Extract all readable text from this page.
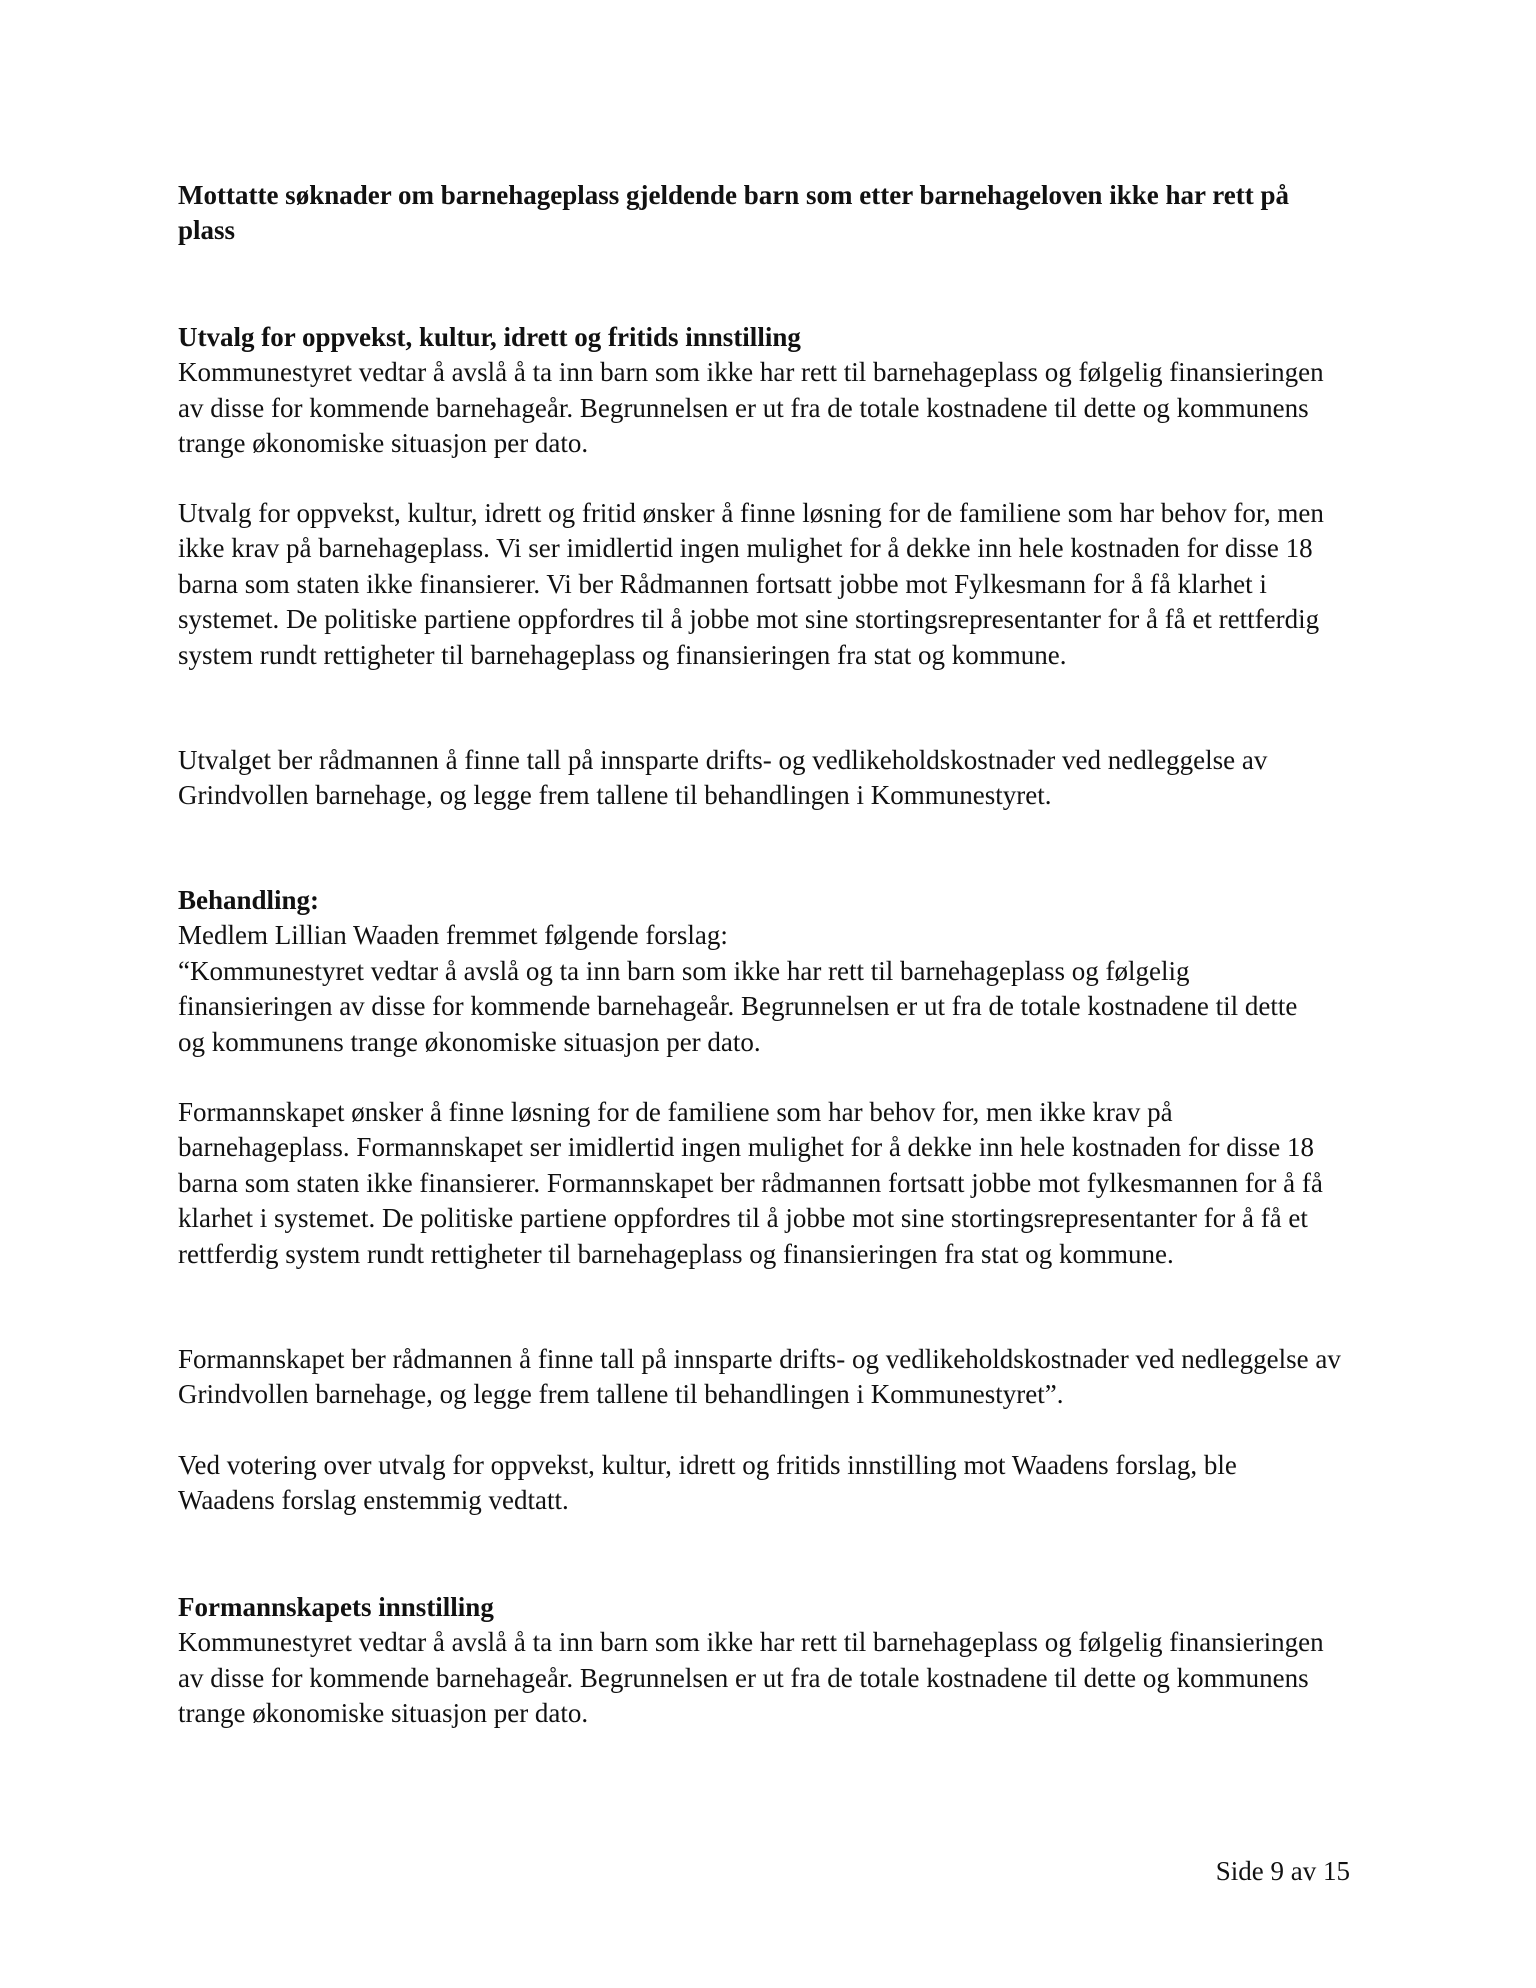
Mottatte søknader om barnehageplass gjeldende barn som etter barnehageloven ikke har rett på plass

Utvalg for oppvekst, kultur, idrett og fritids innstilling

Kommunestyret vedtar å avslå å ta inn barn som ikke har rett til barnehageplass og følgelig finansieringen av disse for kommende barnehageår. Begrunnelsen er ut fra de totale kostnadene til dette og kommunens trange økonomiske situasjon per dato.

Utvalg for oppvekst, kultur, idrett og fritid ønsker å finne løsning for de familiene som har behov for, men ikke krav på barnehageplass. Vi ser imidlertid ingen mulighet for å dekke inn hele kostnaden for disse 18 barna som staten ikke finansierer. Vi ber Rådmannen fortsatt jobbe mot Fylkesmann for å få klarhet i systemet. De politiske partiene oppfordres til å jobbe mot sine stortingsrepresentanter for å få et rettferdig system rundt rettigheter til barnehageplass og finansieringen fra stat og kommune.

Utvalget ber rådmannen å finne tall på innsparte drifts- og vedlikeholdskostnader ved nedleggelse av Grindvollen barnehage, og legge frem tallene til behandlingen i Kommunestyret.

Behandling:

Medlem Lillian Waaden fremmet følgende forslag:

“Kommunestyret vedtar å avslå og ta inn barn som ikke har rett til barnehageplass og følgelig finansieringen av disse for kommende barnehageår. Begrunnelsen er ut fra de totale kostnadene til dette og kommunens trange økonomiske situasjon per dato.

Formannskapet ønsker å finne løsning for de familiene som har behov for, men ikke krav på barnehageplass. Formannskapet ser imidlertid ingen mulighet for å dekke inn hele kostnaden for disse 18 barna som staten ikke finansierer. Formannskapet ber rådmannen fortsatt jobbe mot fylkesmannen for å få klarhet i systemet. De politiske partiene oppfordres til å jobbe mot sine stortingsrepresentanter for å få et rettferdig system rundt rettigheter til barnehageplass og finansieringen fra stat og kommune.

Formannskapet ber rådmannen å finne tall på innsparte drifts- og vedlikeholdskostnader ved nedleggelse av Grindvollen barnehage, og legge frem tallene til behandlingen i Kommunestyret”.

Ved votering over utvalg for oppvekst, kultur, idrett og fritids innstilling mot Waadens forslag, ble Waadens forslag enstemmig vedtatt.

Formannskapets innstilling

Kommunestyret vedtar å avslå å ta inn barn som ikke har rett til barnehageplass og følgelig finansieringen av disse for kommende barnehageår. Begrunnelsen er ut fra de totale kostnadene til dette og kommunens trange økonomiske situasjon per dato.

Side 9 av 15
